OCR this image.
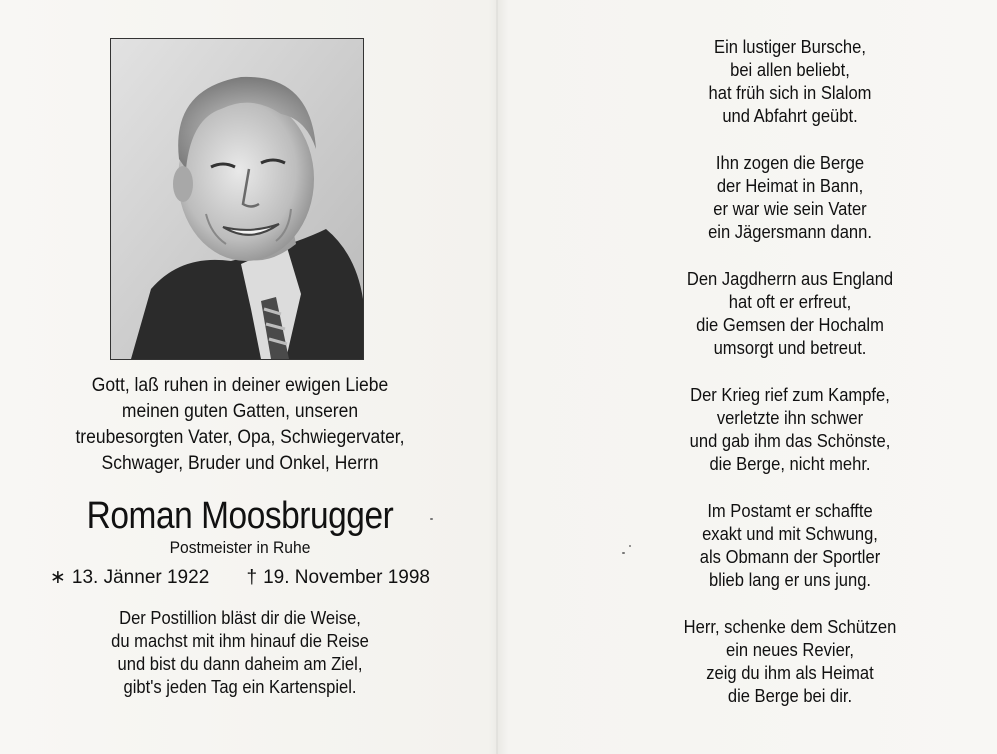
Gott, laß ruhen in deiner ewigen Liebe
meinen guten Gatten, unseren
treubesorgten Vater, Opa, Schwiegervater,
Schwager, Bruder und Onkel, Herrn
Roman Moosbrugger
Postmeister in Ruhe
∗ 13. Jänner 1922 † 19. November 1998
Der Postillion bläst dir die Weise,
du machst mit ihm hinauf die Reise
und bist du dann daheim am Ziel,
gibt's jeden Tag ein Kartenspiel.
Ein lustiger Bursche,
bei allen beliebt,
hat früh sich in Slalom
und Abfahrt geübt.
Ihn zogen die Berge
der Heimat in Bann,
er war wie sein Vater
ein Jägersmann dann.
Den Jagdherrn aus England
hat oft er erfreut,
die Gemsen der Hochalm
umsorgt und betreut.
Der Krieg rief zum Kampfe,
verletzte ihn schwer
und gab ihm das Schönste,
die Berge, nicht mehr.
Im Postamt er schaffte
exakt und mit Schwung,
als Obmann der Sportler
blieb lang er uns jung.
Herr, schenke dem Schützen
ein neues Revier,
zeig du ihm als Heimat
die Berge bei dir.
